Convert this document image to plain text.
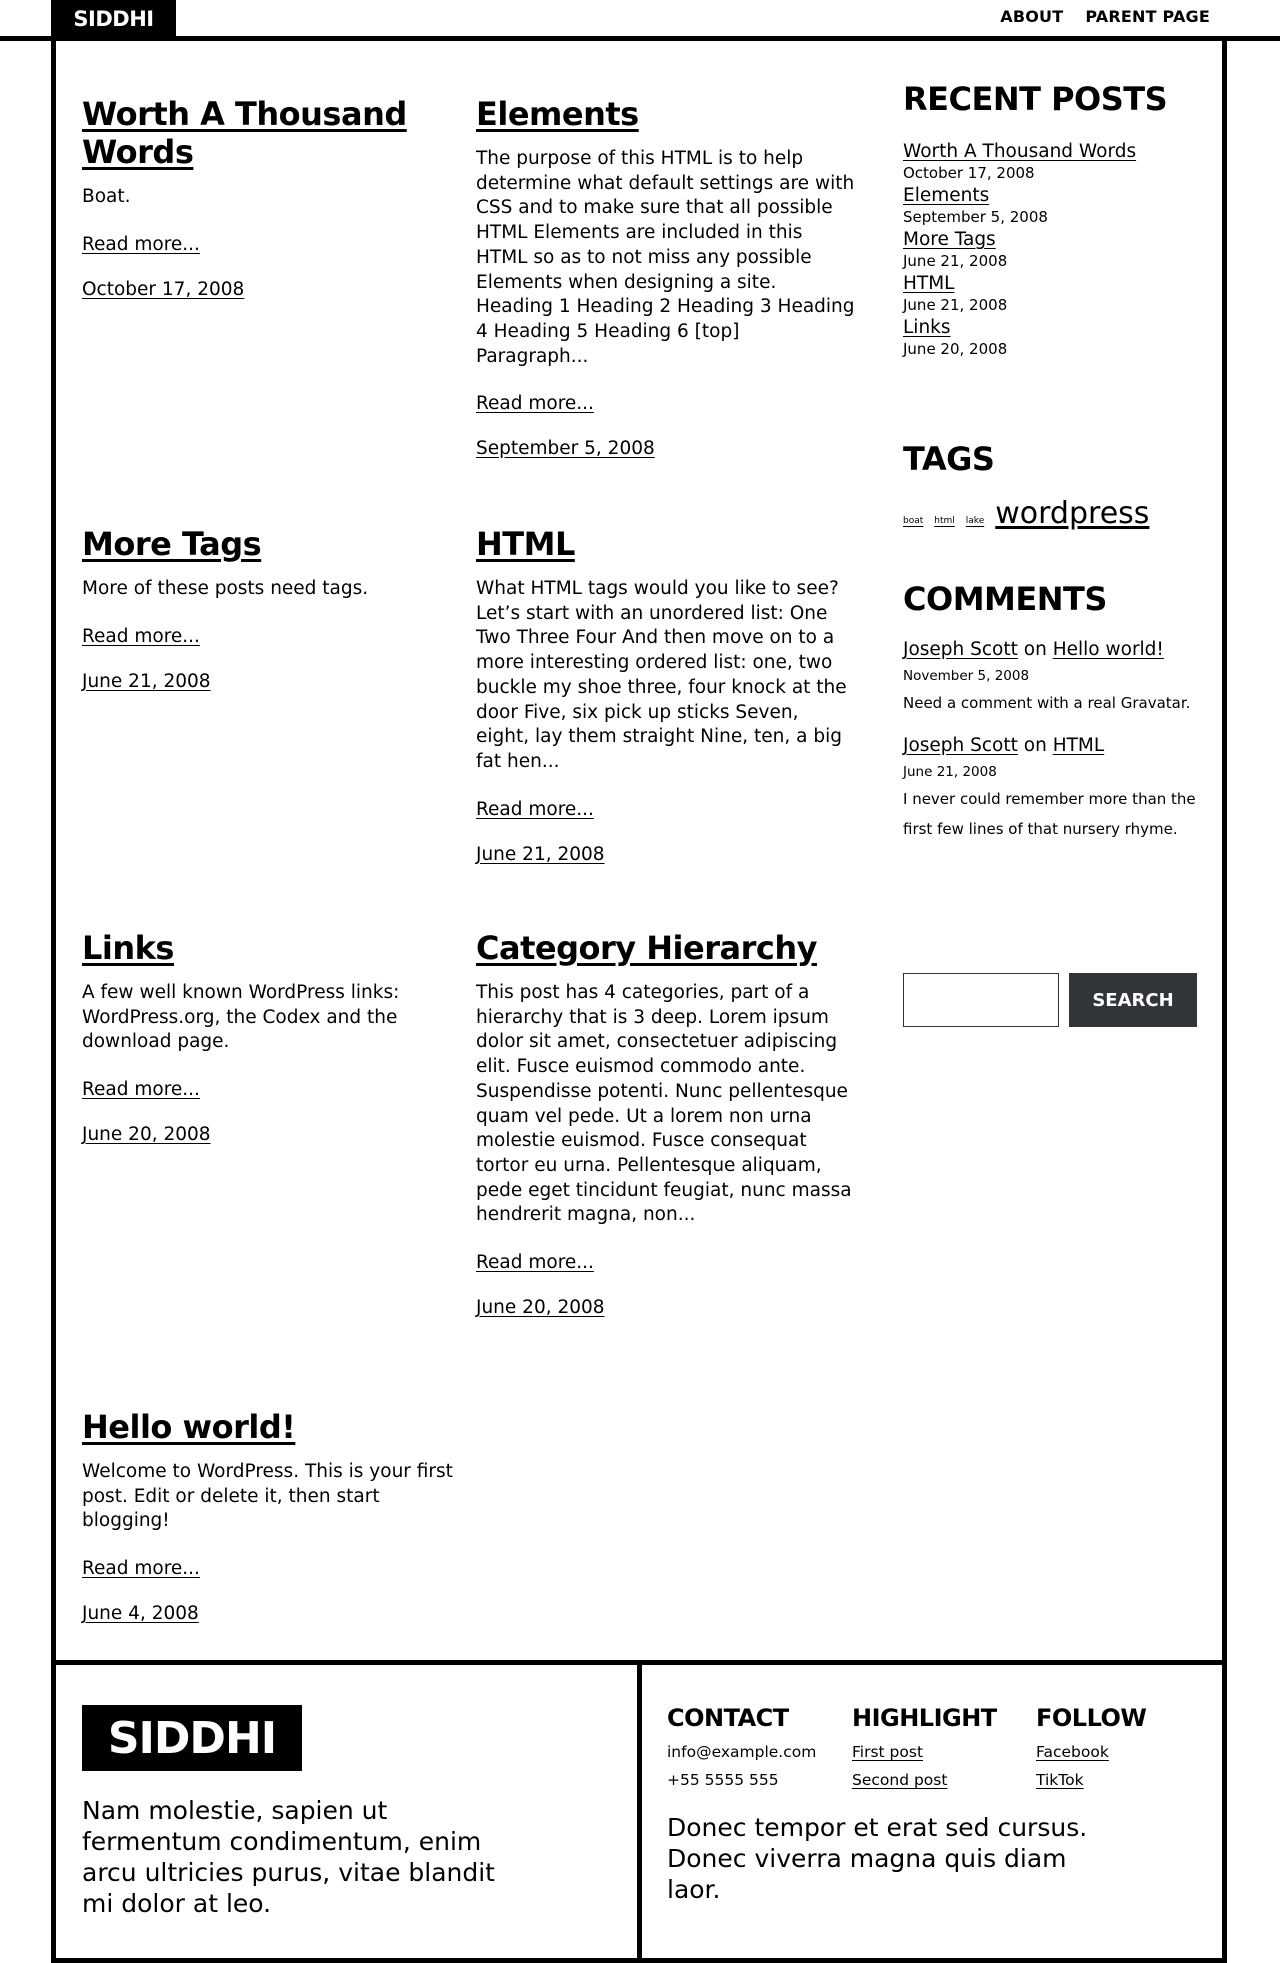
SIDDHI	ABOUT PARENT PAGE
Worth A Thousand Words

Boat.

Read more...
October 17, 2008
Elements

The purpose of this HTML is to help determine what default settings are with CSS and to make sure that all possible HTML Elements are included in this HTML so as to not miss any possible Elements when designing a site. Heading 1 Heading 2 Heading 3 Heading 4 Heading 5 Heading 6 [top] Paragraph...

Read more...
September 5, 2008
More Tags

More of these posts need tags.

Read more...
June 21, 2008
HTML

What HTML tags would you like to see? Let’s start with an unordered list: One Two Three Four And then move on to a more interesting ordered list: one, two buckle my shoe three, four knock at the door Five, six pick up sticks Seven, eight, lay them straight Nine, ten, a big fat hen...

Read more...
June 21, 2008
Links

A few well known WordPress links: WordPress.org, the Codex and the download page.

Read more...
June 20, 2008
Category Hierarchy

This post has 4 categories, part of a hierarchy that is 3 deep. Lorem ipsum dolor sit amet, consectetuer adipiscing elit. Fusce euismod commodo ante. Suspendisse potenti. Nunc pellentesque quam vel pede. Ut a lorem non urna molestie euismod. Fusce consequat tortor eu urna. Pellentesque aliquam, pede eget tincidunt feugiat, nunc massa hendrerit magna, non...

Read more...
June 20, 2008
Hello world!

Welcome to WordPress. This is your first post. Edit or delete it, then start blogging!

Read more...
June 4, 2008
RECENT POSTS
Worth A Thousand Words
October 17, 2008
Elements
September 5, 2008
More Tags
June 21, 2008
HTML
June 21, 2008
Links
June 20, 2008
TAGS
boat html lake wordpress
COMMENTS
Joseph Scott on Hello world!
November 5, 2008

Need a comment with a real Gravatar.

Joseph Scott on HTML
June 21, 2008

I never could remember more than the first few lines of that nursery rhyme.

SEARCH
SIDDHI

Nam molestie, sapien ut fermentum condimentum, enim arcu ultricies purus, vitae blandit mi dolor at leo.

CONTACT
info@example.com
+55 5555 555
HIGHLIGHT
First post
Second post
FOLLOW
Facebook
TikTok

Donec tempor et erat sed cursus. Donec viverra magna quis diam laor.
